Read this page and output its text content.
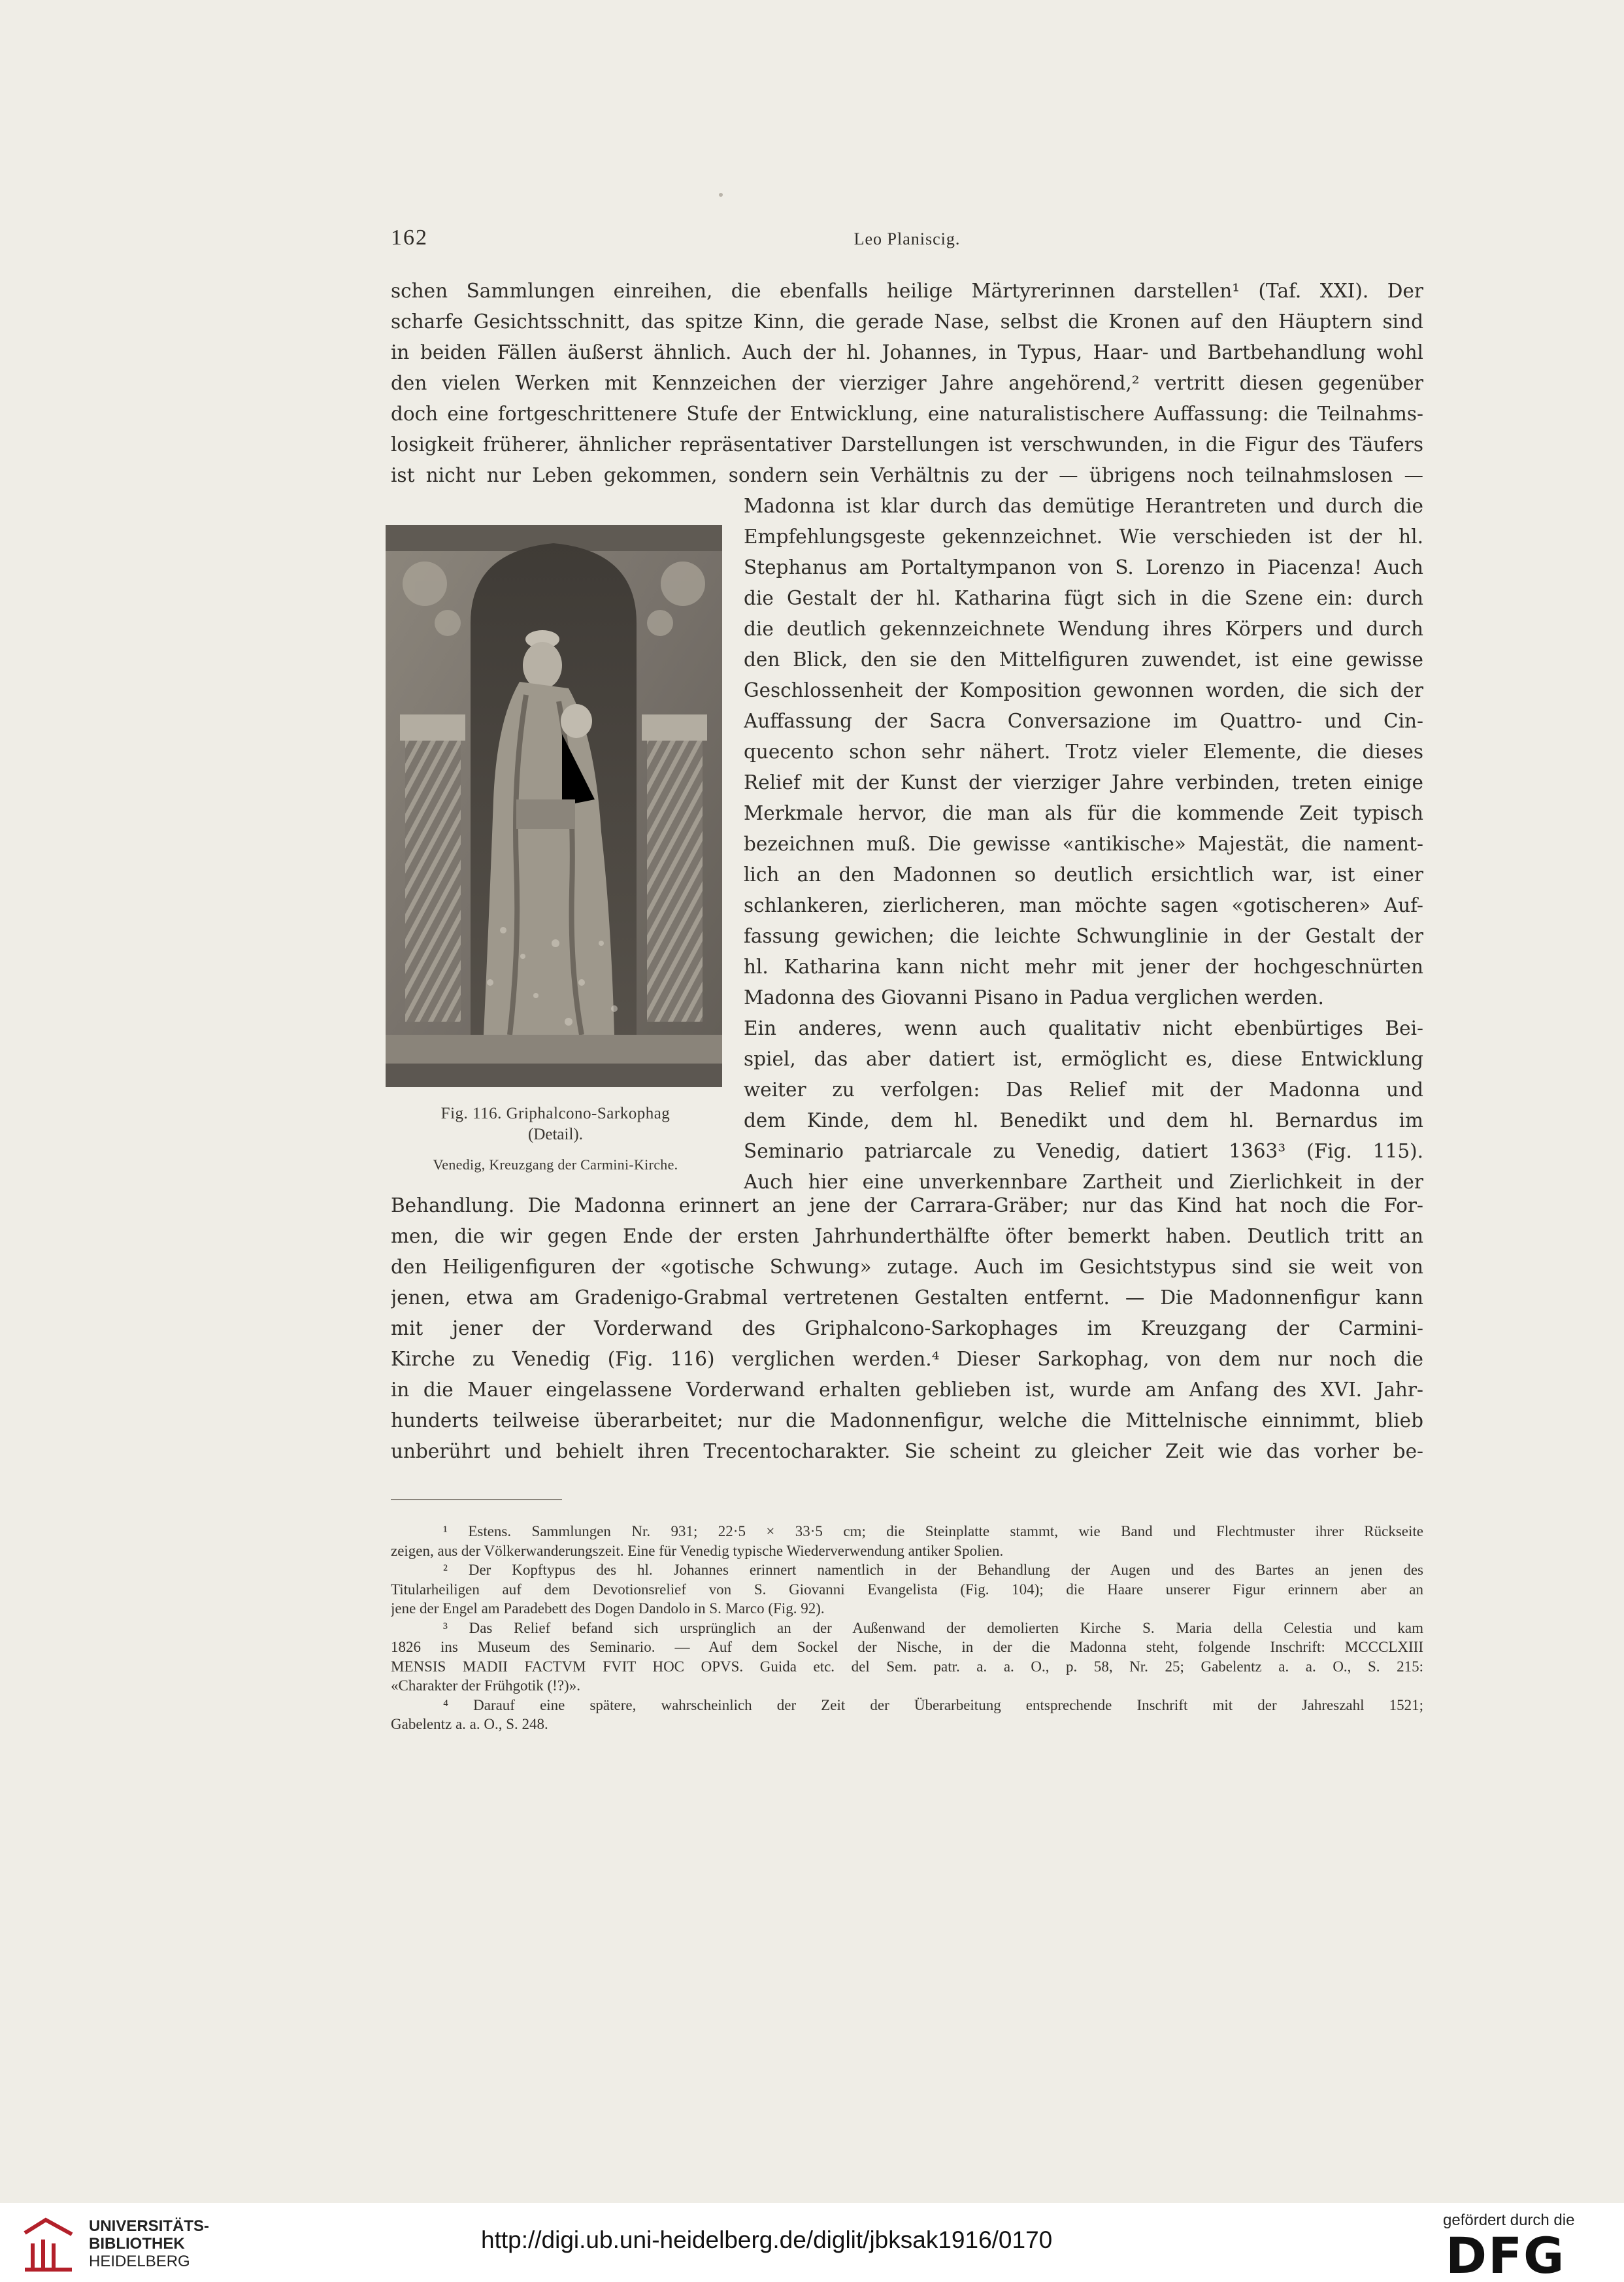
162	Leo Planiscig.
schen Sammlungen einreihen, die ebenfalls heilige Märtyrerinnen darstellen¹ (Taf. XXI). Der
scharfe Gesichtsschnitt, das spitze Kinn, die gerade Nase, selbst die Kronen auf den Häuptern sind
in beiden Fällen äußerst ähnlich. Auch der hl. Johannes, in Typus, Haar- und Bartbehandlung wohl
den vielen Werken mit Kennzeichen der vierziger Jahre angehörend,² vertritt diesen gegenüber
doch eine fortgeschrittenere Stufe der Entwicklung, eine naturalistischere Auffassung: die Teilnahms-
losigkeit früherer, ähnlicher repräsentativer Darstellungen ist verschwunden, in die Figur des Täufers
ist nicht nur Leben gekommen, sondern sein Verhältnis zu der — übrigens noch teilnahmslosen —
Madonna ist klar durch das demütige Herantreten und durch die
Empfehlungsgeste gekennzeichnet. Wie verschieden ist der hl.
Stephanus am Portaltympanon von S. Lorenzo in Piacenza! Auch
die Gestalt der hl. Katharina fügt sich in die Szene ein: durch
die deutlich gekennzeichnete Wendung ihres Körpers und durch
den Blick, den sie den Mittelfiguren zuwendet, ist eine gewisse
Geschlossenheit der Komposition gewonnen worden, die sich der
Auffassung der Sacra Conversazione im Quattro- und Cin-
quecento schon sehr nähert. Trotz vieler Elemente, die dieses
Relief mit der Kunst der vierziger Jahre verbinden, treten einige
Merkmale hervor, die man als für die kommende Zeit typisch
bezeichnen muß. Die gewisse «antikische» Majestät, die nament-
lich an den Madonnen so deutlich ersichtlich war, ist einer
schlankeren, zierlicheren, man möchte sagen «gotischeren» Auf-
fassung gewichen; die leichte Schwunglinie in der Gestalt der
hl. Katharina kann nicht mehr mit jener der hochgeschnürten
Madonna des Giovanni Pisano in Padua verglichen werden.
Ein anderes, wenn auch qualitativ nicht ebenbürtiges Bei-
spiel, das aber datiert ist, ermöglicht es, diese Entwicklung
weiter zu verfolgen: Das Relief mit der Madonna und
dem Kinde, dem hl. Benedikt und dem hl. Bernardus im
Seminario patriarcale zu Venedig, datiert 1363³ (Fig. 115).
Auch hier eine unverkennbare Zartheit und Zierlichkeit in der
Behandlung. Die Madonna erinnert an jene der Carrara-Gräber; nur das Kind hat noch die For-
men, die wir gegen Ende der ersten Jahrhunderthälfte öfter bemerkt haben. Deutlich tritt an
den Heiligenfiguren der «gotische Schwung» zutage. Auch im Gesichtstypus sind sie weit von
jenen, etwa am Gradenigo-Grabmal vertretenen Gestalten entfernt. — Die Madonnenfigur kann
mit jener der Vorderwand des Griphalcono-Sarkophages im Kreuzgang der Carmini-
Kirche zu Venedig (Fig. 116) verglichen werden.⁴ Dieser Sarkophag, von dem nur noch die
in die Mauer eingelassene Vorderwand erhalten geblieben ist, wurde am Anfang des XVI. Jahr-
hunderts teilweise überarbeitet; nur die Madonnenfigur, welche die Mittelnische einnimmt, blieb
unberührt und behielt ihren Trecentocharakter. Sie scheint zu gleicher Zeit wie das vorher be-
Fig. 116. Griphalcono-Sarkophag
(Detail).
Venedig, Kreuzgang der Carmini-Kirche.
¹ Estens. Sammlungen Nr. 931; 22·5 × 33·5 cm; die Steinplatte stammt, wie Band und Flechtmuster ihrer Rückseite
zeigen, aus der Völkerwanderungszeit. Eine für Venedig typische Wiederverwendung antiker Spolien.
² Der Kopftypus des hl. Johannes erinnert namentlich in der Behandlung der Augen und des Bartes an jenen des
Titularheiligen auf dem Devotionsrelief von S. Giovanni Evangelista (Fig. 104); die Haare unserer Figur erinnern aber an
jene der Engel am Paradebett des Dogen Dandolo in S. Marco (Fig. 92).
³ Das Relief befand sich ursprünglich an der Außenwand der demolierten Kirche S. Maria della Celestia und kam
1826 ins Museum des Seminario. — Auf dem Sockel der Nische, in der die Madonna steht, folgende Inschrift: MCCCLXIII
MENSIS MADII FACTVM FVIT HOC OPVS. Guida etc. del Sem. patr. a. a. O., p. 58, Nr. 25; Gabelentz a. a. O., S. 215:
«Charakter der Frühgotik (!?)».
⁴ Darauf eine spätere, wahrscheinlich der Zeit der Überarbeitung entsprechende Inschrift mit der Jahreszahl 1521;
Gabelentz a. a. O., S. 248.
UNIVERSITÄTS-
BIBLIOTHEK
HEIDELBERG
http://digi.ub.uni-heidelberg.de/diglit/jbksak1916/0170
gefördert durch die
DFG
